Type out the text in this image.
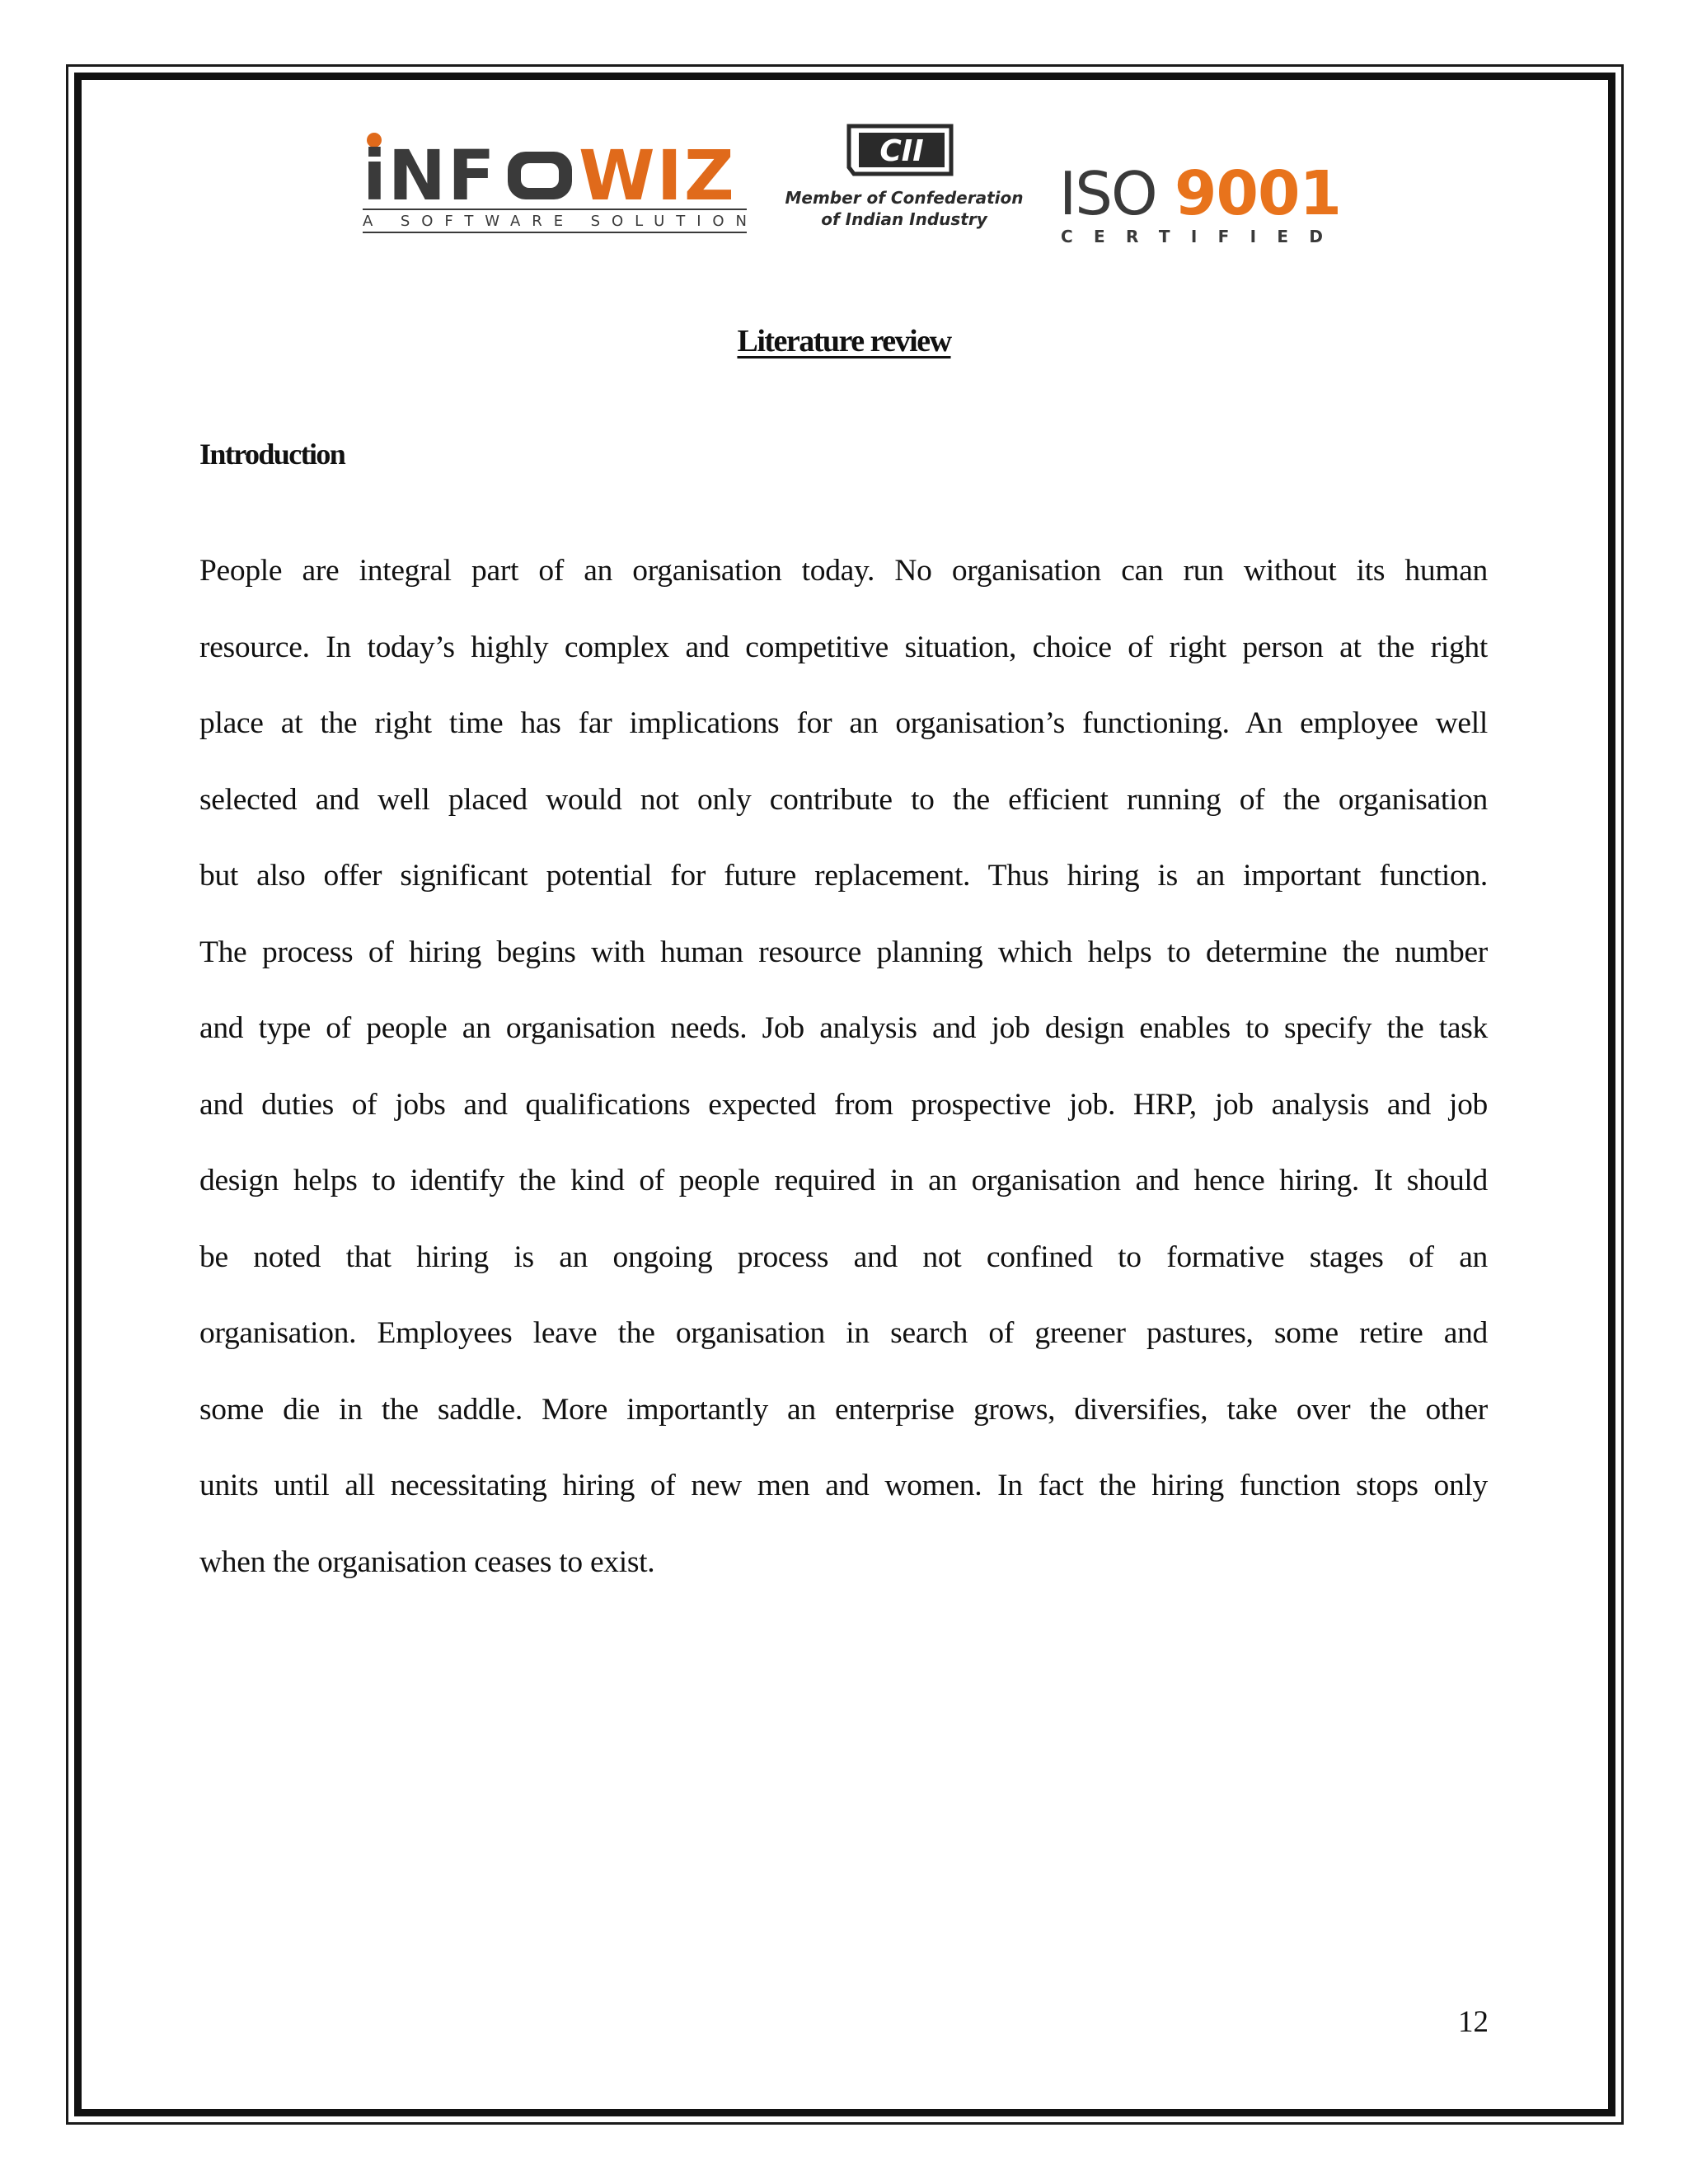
iNF WIZ
A SOFTWARE SOLUTION
CII
Member of Confederation
of Indian Industry ISO 9001
CERTIFIED
Literature review
Introduction
People are integral part of an organisation today. No organisation can run without its human
resource. In today’s highly complex and competitive situation, choice of right person at the right
place at the right time has far implications for an organisation’s functioning. An employee well
selected and well placed would not only contribute to the efficient running of the organisation
but also offer significant potential for future replacement. Thus hiring is an important function.
The process of hiring begins with human resource planning which helps to determine the number
and type of people an organisation needs. Job analysis and job design enables to specify the task
and duties of jobs and qualifications expected from prospective job. HRP, job analysis and job
design helps to identify the kind of people required in an organisation and hence hiring. It should
be noted that hiring is an ongoing process and not confined to formative stages of an
organisation. Employees leave the organisation in search of greener pastures, some retire and
some die in the saddle. More importantly an enterprise grows, diversifies, take over the other
units until all necessitating hiring of new men and women. In fact the hiring function stops only
when the organisation ceases to exist.
12
